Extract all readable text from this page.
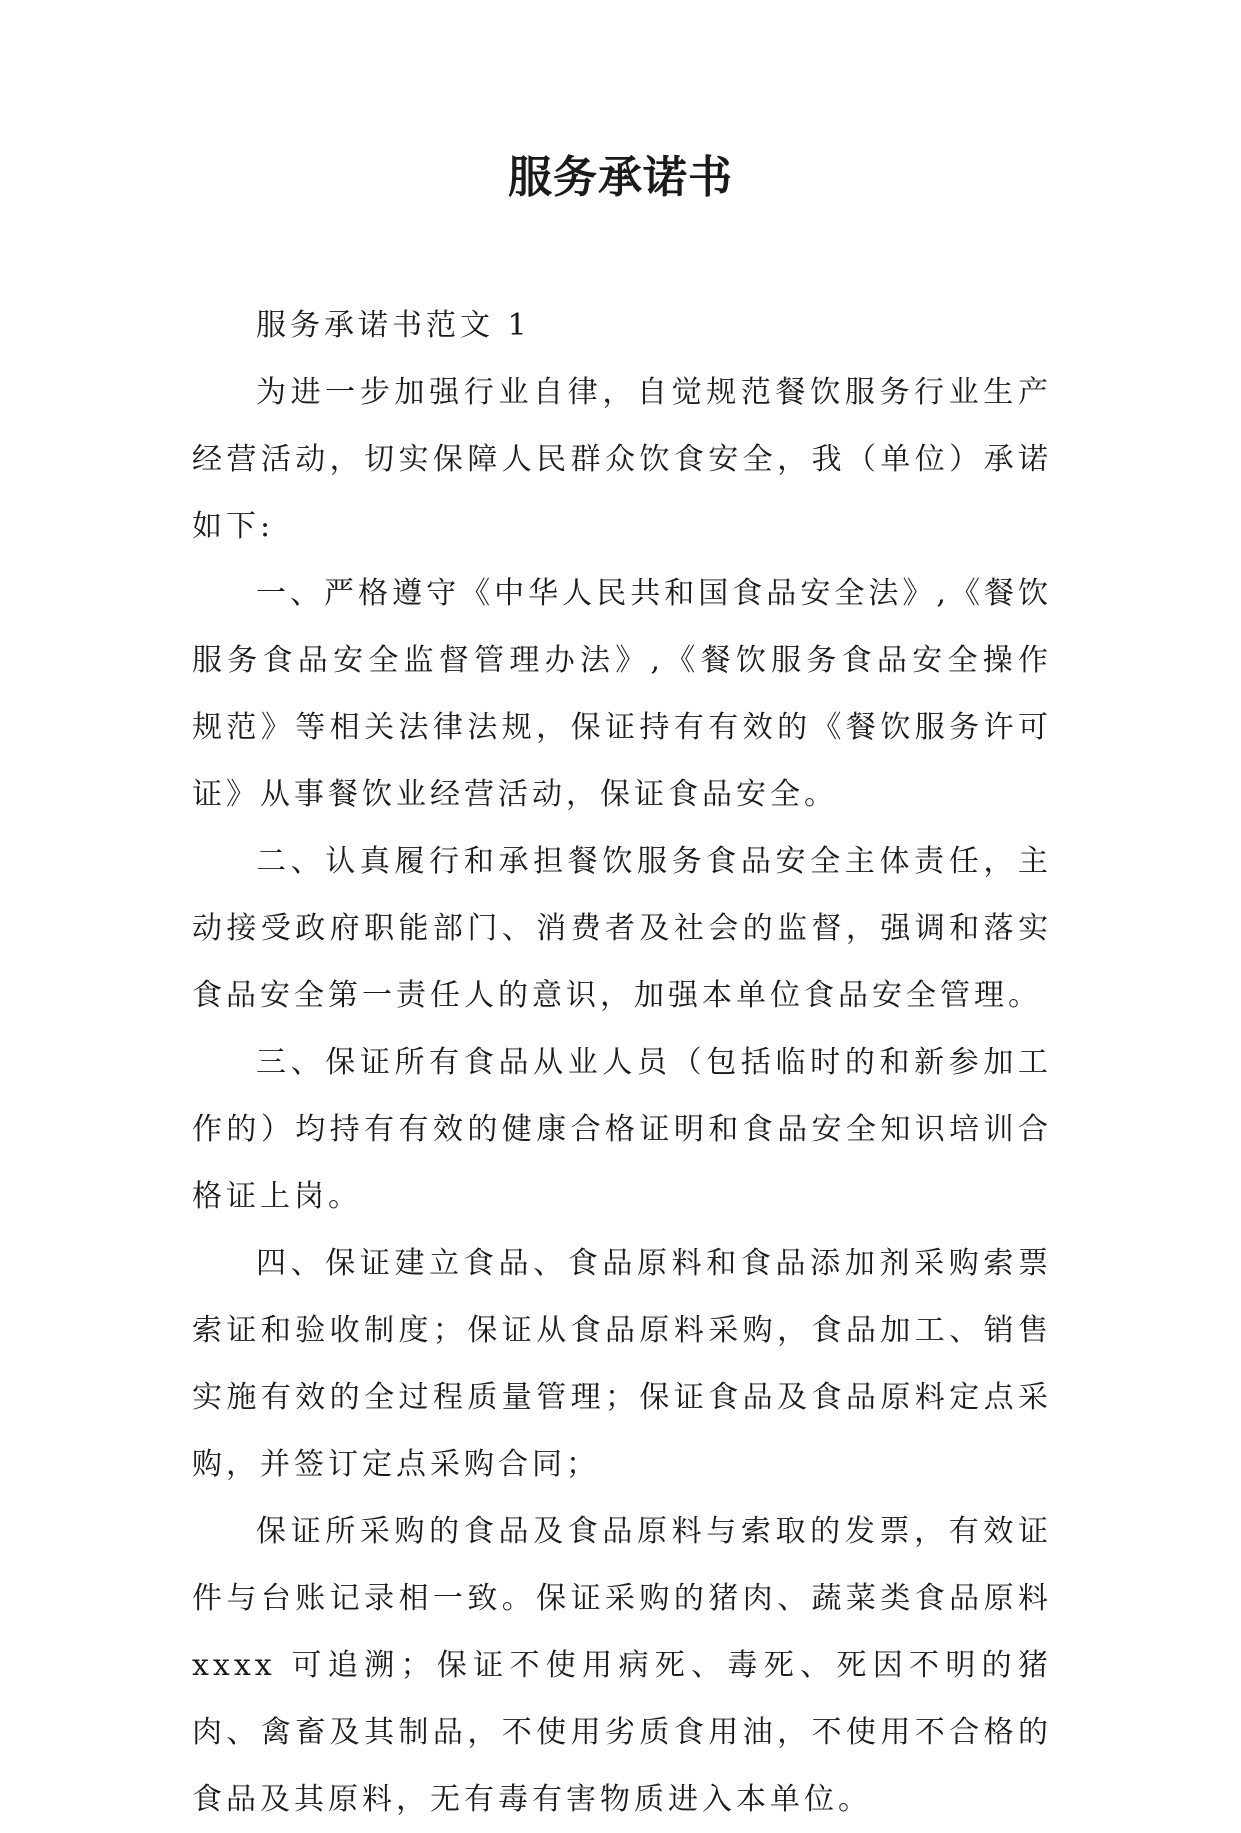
服务承诺书

服务承诺书范文 1

为进一步加强行业自律，自觉规范餐饮服务行业生产经营活动，切实保障人民群众饮食安全，我（单位）承诺如下:

一、严格遵守《中华人民共和国食品安全法》,《餐饮服务食品安全监督管理办法》,《餐饮服务食品安全操作规范》等相关法律法规，保证持有有效的《餐饮服务许可证》从事餐饮业经营活动，保证食品安全。

二、认真履行和承担餐饮服务食品安全主体责任，主动接受政府职能部门、消费者及社会的监督，强调和落实食品安全第一责任人的意识，加强本单位食品安全管理。

三、保证所有食品从业人员（包括临时的和新参加工作的）均持有有效的健康合格证明和食品安全知识培训合格证上岗。

四、保证建立食品、食品原料和食品添加剂采购索票索证和验收制度；保证从食品原料采购，食品加工、销售实施有效的全过程质量管理；保证食品及食品原料定点采购，并签订定点采购合同；

保证所采购的食品及食品原料与索取的发票，有效证件与台账记录相一致。保证采购的猪肉、蔬菜类食品原料 xxxx 可追溯；保证不使用病死、毒死、死因不明的猪肉、禽畜及其制品，不使用劣质食用油，不使用不合格的食品及其原料，无有毒有害物质进入本单位。
